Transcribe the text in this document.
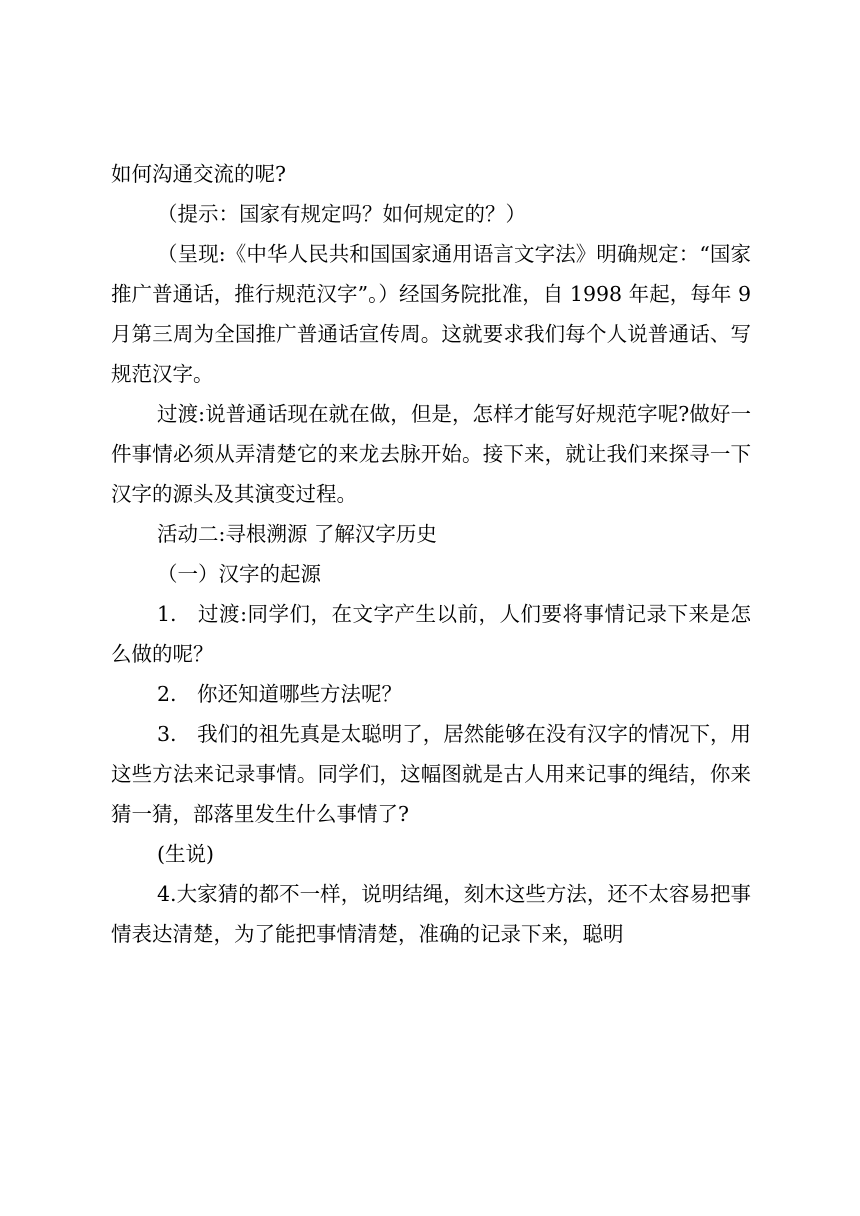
如何沟通交流的呢?

（提示：国家有规定吗？如何规定的？）

（呈现:《中华人民共和国国家通用语言文字法》明确规定：“国家推广普通话，推行规范汉字”。）经国务院批准，自 1998 年起，每年 9 月第三周为全国推广普通话宣传周。这就要求我们每个人说普通话、写规范汉字。

过渡:说普通话现在就在做，但是，怎样才能写好规范字呢?做好一件事情必须从弄清楚它的来龙去脉开始。接下来，就让我们来探寻一下汉字的源头及其演变过程。

活动二:寻根溯源 了解汉字历史

（一）汉字的起源

1.　过渡:同学们，在文字产生以前，人们要将事情记录下来是怎么做的呢？

2.　你还知道哪些方法呢？

3.　我们的祖先真是太聪明了，居然能够在没有汉字的情况下，用这些方法来记录事情。同学们，这幅图就是古人用来记事的绳结，你来猜一猜，部落里发生什么事情了?

(生说)

4.大家猜的都不一样，说明结绳，刻木这些方法，还不太容易把事情表达清楚，为了能把事情清楚，准确的记录下来，聪明
